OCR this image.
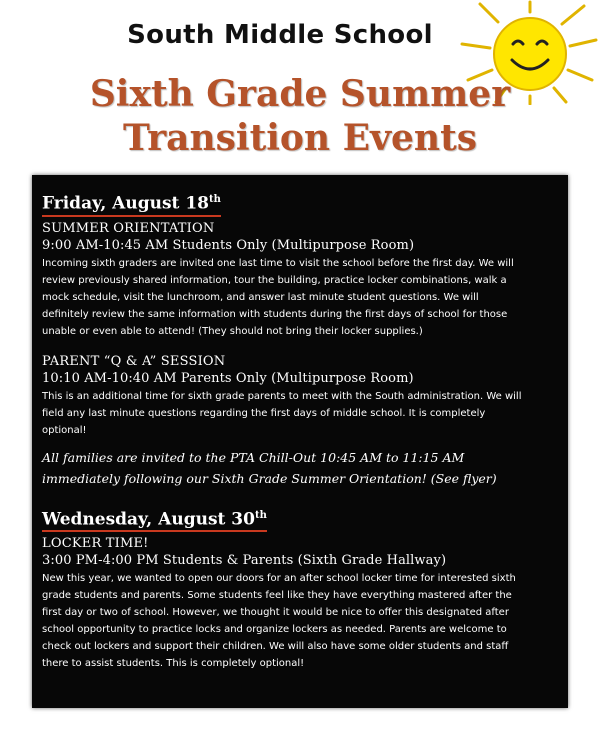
South Middle School
Sixth Grade Summer
Transition Events
Friday, August 18th
SUMMER ORIENTATION
9:00 AM-10:45 AM Students Only (Multipurpose Room)
Incoming sixth graders are invited one last time to visit the school before the first day. We will
review previously shared information, tour the building, practice locker combinations, walk a
mock schedule, visit the lunchroom, and answer last minute student questions. We will
definitely review the same information with students during the first days of school for those
unable or even able to attend! (They should not bring their locker supplies.)
PARENT “Q & A” SESSION
10:10 AM-10:40 AM Parents Only (Multipurpose Room)
This is an additional time for sixth grade parents to meet with the South administration. We will
field any last minute questions regarding the first days of middle school. It is completely
optional!
All families are invited to the PTA Chill-Out 10:45 AM to 11:15 AM
immediately following our Sixth Grade Summer Orientation! (See flyer)
Wednesday, August 30th
LOCKER TIME!
3:00 PM-4:00 PM Students & Parents (Sixth Grade Hallway)
New this year, we wanted to open our doors for an after school locker time for interested sixth
grade students and parents. Some students feel like they have everything mastered after the
first day or two of school. However, we thought it would be nice to offer this designated after
school opportunity to practice locks and organize lockers as needed. Parents are welcome to
check out lockers and support their children. We will also have some older students and staff
there to assist students. This is completely optional!
